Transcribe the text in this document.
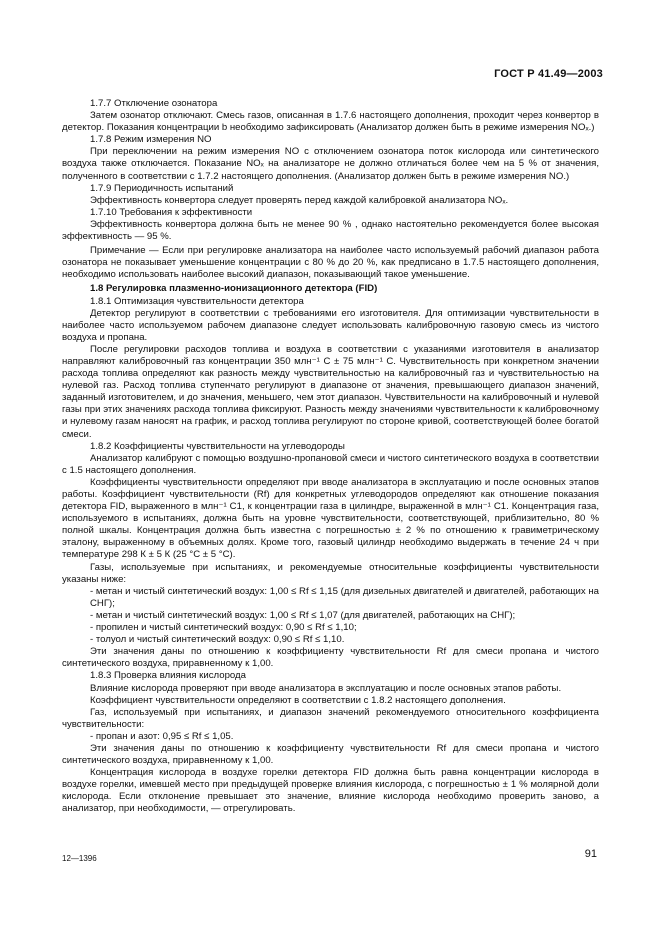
ГОСТ Р 41.49—2003

1.7.7 Отключение озонатора

Затем озонатор отключают. Смесь газов, описанная в 1.7.6 настоящего дополнения, проходит через конвертор в детектор. Показания концентрации b необходимо зафиксировать (Анализатор должен быть в режиме измерения NOₓ.)

1.7.8 Режим измерения NO

При переключении на режим измерения NO с отключением озонатора поток кислорода или синтетического воздуха также отключается. Показание NOₓ на анализаторе не должно отличаться более чем на 5 % от значения, полученного в соответствии с 1.7.2 настоящего дополнения. (Анализатор должен быть в режиме измерения NO.)

1.7.9 Периодичность испытаний

Эффективность конвертора следует проверять перед каждой калибровкой анализатора NOₓ.

1.7.10 Требования к эффективности

Эффективность конвертора должна быть не менее 90 % , однако настоятельно рекомендуется более высокая эффективность — 95 %.

Примечание — Если при регулировке анализатора на наиболее часто используемый рабочий диапазон работа озонатора не показывает уменьшение концентрации с 80 % до 20 %, как предписано в 1.7.5 настоящего дополнения, необходимо использовать наиболее высокий диапазон, показывающий такое уменьшение.

1.8 Регулировка плазменно-ионизационного детектора (FID)

1.8.1 Оптимизация чувствительности детектора

Детектор регулируют в соответствии с требованиями его изготовителя. Для оптимизации чувствительности в наиболее часто используемом рабочем диапазоне следует использовать калибровочную газовую смесь из чистого воздуха и пропана.

После регулировки расходов топлива и воздуха в соответствии с указаниями изготовителя в анализатор направляют калибровочный газ концентрации 350 млн⁻¹ С ± 75 млн⁻¹ С. Чувствительность при конкретном значении расхода топлива определяют как разность между чувствительностью на калибровочный газ и чувствительностью на нулевой газ. Расход топлива ступенчато регулируют в диапазоне от значения, превышающего диапазон значений, заданный изготовителем, и до значения, меньшего, чем этот диапазон. Чувствительности на калибровочный и нулевой газы при этих значениях расхода топлива фиксируют. Разность между значениями чувствительности к калибровочному и нулевому газам наносят на график, и расход топлива регулируют по стороне кривой, соответствующей более богатой смеси.

1.8.2 Коэффициенты чувствительности на углеводороды

Анализатор калибруют с помощью воздушно-пропановой смеси и чистого синтетического воздуха в соответствии с 1.5 настоящего дополнения.

Коэффициенты чувствительности определяют при вводе анализатора в эксплуатацию и после основных этапов работы. Коэффициент чувствительности (Rf) для конкретных углеводородов определяют как отношение показания детектора FID, выраженного в млн⁻¹ С1, к концентрации газа в цилиндре, выраженной в млн⁻¹ С1. Концентрация газа, используемого в испытаниях, должна быть на уровне чувствительности, соответствующей, приблизительно, 80 % полной шкалы. Концентрация должна быть известна с погрешностью ± 2 % по отношению к гравиметрическому эталону, выраженному в объемных долях. Кроме того, газовый цилиндр необходимо выдержать в течение 24 ч при температуре 298 К ± 5 К (25 °С ± 5 °С).

Газы, используемые при испытаниях, и рекомендуемые относительные коэффициенты чувствительности указаны ниже:

- метан и чистый синтетический воздух: 1,00 ≤ Rf ≤ 1,15 (для дизельных двигателей и двигателей, работающих на СНГ);

- метан и чистый синтетический воздух: 1,00 ≤ Rf ≤ 1,07 (для двигателей, работающих на СНГ);

- пропилен и чистый синтетический воздух: 0,90 ≤ Rf ≤ 1,10;

- толуол и чистый синтетический воздух: 0,90 ≤ Rf ≤ 1,10.

Эти значения даны по отношению к коэффициенту чувствительности Rf для смеси пропана и чистого синтетического воздуха, приравненному к 1,00.

1.8.3 Проверка влияния кислорода

Влияние кислорода проверяют при вводе анализатора в эксплуатацию и после основных этапов работы.

Коэффициент чувствительности определяют в соответствии с 1.8.2 настоящего дополнения.

Газ, используемый при испытаниях, и диапазон значений рекомендуемого относительного коэффициента чувствительности:

- пропан и азот: 0,95 ≤ Rf ≤ 1,05.

Эти значения даны по отношению к коэффициенту чувствительности Rf для смеси пропана и чистого синтетического воздуха, приравненному к 1,00.

Концентрация кислорода в воздухе горелки детектора FID должна быть равна концентрации кислорода в воздухе горелки, имевшей место при предыдущей проверке влияния кислорода, с погрешностью ± 1 % молярной доли кислорода. Если отклонение превышает это значение, влияние кислорода необходимо проверить заново, а анализатор, при необходимости, — отрегулировать.

12—1396	91
